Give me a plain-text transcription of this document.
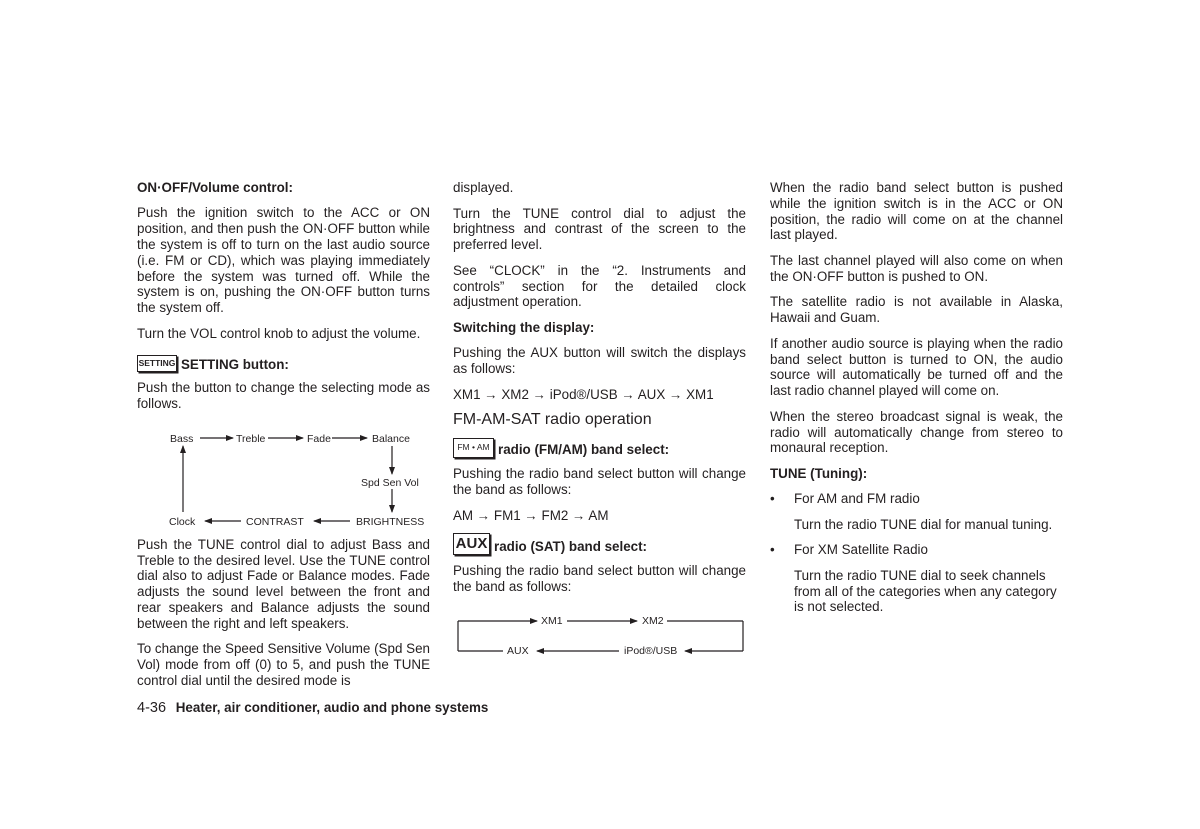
ON·OFF/Volume control:

Push the ignition switch to the ACC or ON position, and then push the ON·OFF button while the system is off to turn on the last audio source (i.e. FM or CD), which was playing immediately before the system was turned off. While the system is on, pushing the ON·OFF button turns the system off.

Turn the VOL control knob to adjust the volume.

SETTING SETTING button:

Push the button to change the selecting mode as follows.

Bass	Treble	Fade	Balance
Spd Sen Vol
BRIGHTNESS
CONTRAST
Clock

Push the TUNE control dial to adjust Bass and Treble to the desired level. Use the TUNE control dial also to adjust Fade or Balance modes. Fade adjusts the sound level between the front and rear speakers and Balance adjusts the sound between the right and left speakers.

To change the Speed Sensitive Volume (Spd Sen Vol) mode from off (0) to 5, and push the TUNE control dial until the desired mode is

displayed.

Turn the TUNE control dial to adjust the brightness and contrast of the screen to the preferred level.

See “CLOCK” in the “2. Instruments and controls” section for the detailed clock adjustment operation.

Switching the display:

Pushing the AUX button will switch the displays as follows:

XM1 → XM2 → iPod®/USB → AUX → XM1

FM-AM-SAT radio operation
FM • AM radio (FM/AM) band select:

Pushing the radio band select button will change the band as follows:

AM → FM1 → FM2 → AM

AUX radio (SAT) band select:

Pushing the radio band select button will change the band as follows:

XM1	XM2
AUX	iPod®/USB

When the radio band select button is pushed while the ignition switch is in the ACC or ON position, the radio will come on at the channel last played.

The last channel played will also come on when the ON·OFF button is pushed to ON.

The satellite radio is not available in Alaska, Hawaii and Guam.

If another audio source is playing when the radio band select button is turned to ON, the audio source will automatically be turned off and the last radio channel played will come on.

When the stereo broadcast signal is weak, the radio will automatically change from stereo to monaural reception.

TUNE (Tuning):
•	For AM and FM radio

Turn the radio TUNE dial for manual tuning.

•	For XM Satellite Radio

Turn the radio TUNE dial to seek channels from all of the categories when any category is not selected.

4-36 Heater, air conditioner, audio and phone systems
